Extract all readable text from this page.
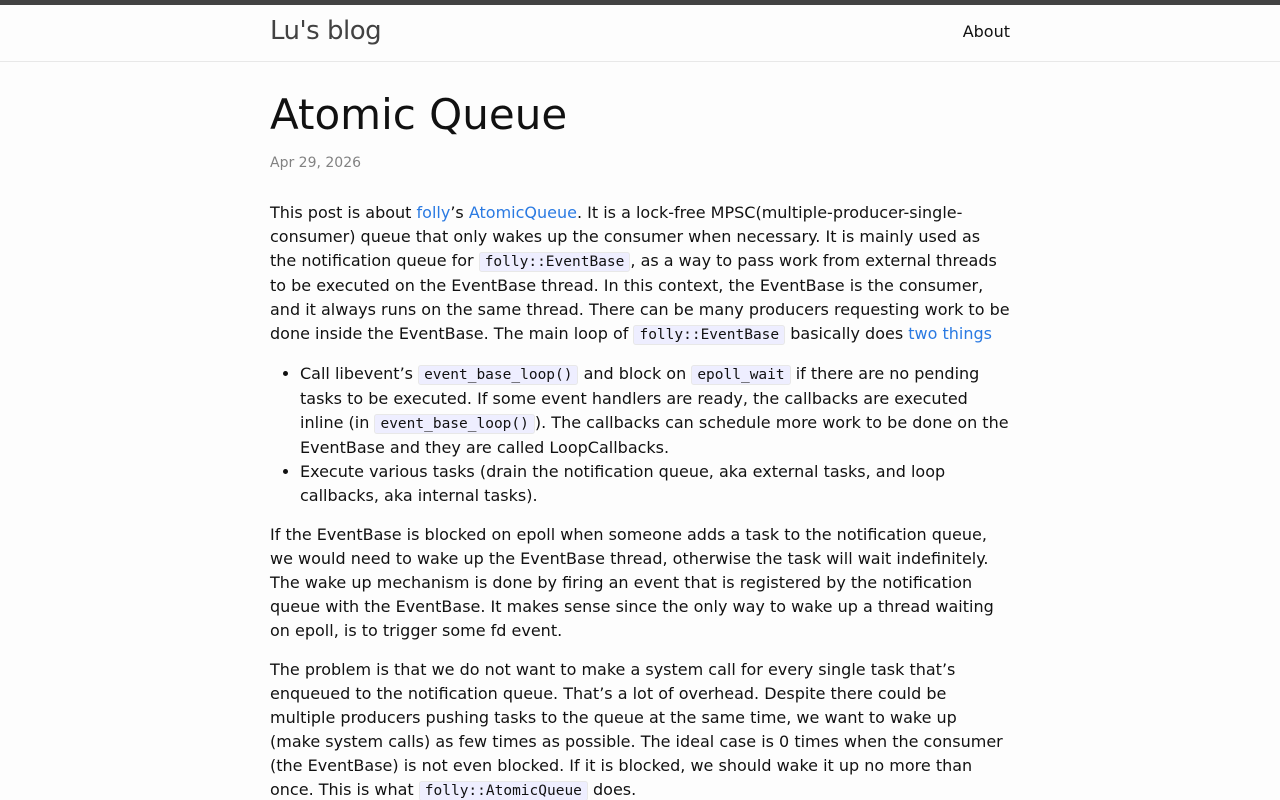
Lu's blog	About
Atomic Queue
Apr 29, 2026

This post is about folly’s AtomicQueue. It is a lock-free MPSC(multiple-producer-single-consumer) queue that only wakes up the consumer when necessary. It is mainly used as the notification queue for folly::EventBase , as a way to pass work from external threads to be executed on the EventBase thread. In this context, the EventBase is the consumer, and it always runs on the same thread. There can be many producers requesting work to be done inside the EventBase. The main loop of folly::EventBase basically does two things

• Call libevent’s event_base_loop() and block on epoll_wait if there are no pending tasks to be executed. If some event handlers are ready, the callbacks are executed inline (in event_base_loop() ). The callbacks can schedule more work to be done on the EventBase and they are called LoopCallbacks.
• Execute various tasks (drain the notification queue, aka external tasks, and loop callbacks, aka internal tasks).

If the EventBase is blocked on epoll when someone adds a task to the notification queue, we would need to wake up the EventBase thread, otherwise the task will wait indefinitely. The wake up mechanism is done by firing an event that is registered by the notification queue with the EventBase. It makes sense since the only way to wake up a thread waiting on epoll, is to trigger some fd event.

The problem is that we do not want to make a system call for every single task that’s enqueued to the notification queue. That’s a lot of overhead. Despite there could be multiple producers pushing tasks to the queue at the same time, we want to wake up (make system calls) as few times as possible. The ideal case is 0 times when the consumer (the EventBase) is not even blocked. If it is blocked, we should wake it up no more than once. This is what folly::AtomicQueue does.
